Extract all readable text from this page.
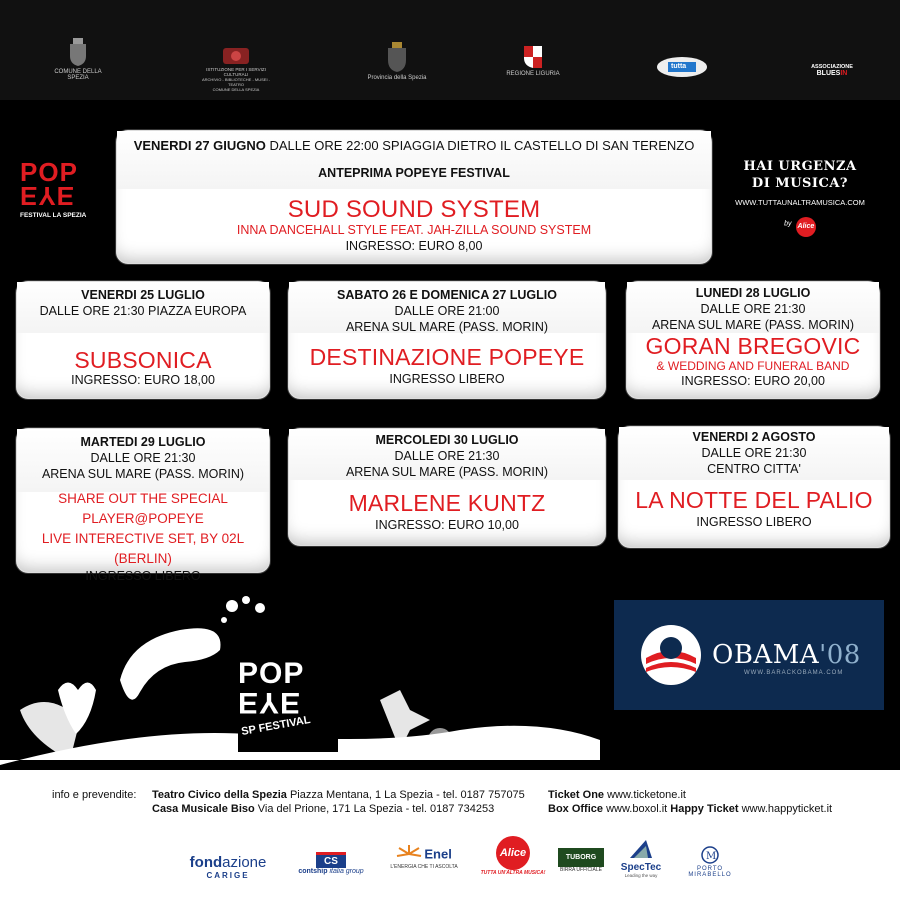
COMUNE DELLA SPEZIA
ISTITUZIONE PER I SERVIZI CULTURALI
ARCHIVIO - BIBLIOTECHE - MUSEI - TEATRO
COMUNE DELLA SPEZIA
Provincia della Spezia
REGIONE LIGURIA
tutta	ASSOCIAZIONE
BLUESIN
POP
EYE
FESTIVAL LA SPEZIA
VENERDI 27 GIUGNO DALLE ORE 22:00 SPIAGGIA DIETRO IL CASTELLO DI SAN TERENZO
ANTEPRIMA POPEYE FESTIVAL
SUD SOUND SYSTEM
INNA DANCEHALL STYLE FEAT. JAH-ZILLA SOUND SYSTEM
INGRESSO: EURO 8,00
HAI URGENZA
DI MUSICA?
WWW.TUTTAUNALTRAMUSICA.COM
by Alice
VENERDI 25 LUGLIO
DALLE ORE 21:30 PIAZZA EUROPA
SUBSONICA
INGRESSO: EURO 18,00
SABATO 26 E DOMENICA 27 LUGLIO
DALLE ORE 21:00
ARENA SUL MARE (PASS. MORIN)
DESTINAZIONE POPEYE
INGRESSO LIBERO
LUNEDI 28 LUGLIO
DALLE ORE 21:30
ARENA SUL MARE (PASS. MORIN)
GORAN BREGOVIC
& WEDDING AND FUNERAL BAND
INGRESSO: EURO 20,00
MARTEDI 29 LUGLIO
DALLE ORE 21:30
ARENA SUL MARE (PASS. MORIN)
SHARE OUT THE SPECIAL
PLAYER@POPEYE
LIVE INTERECTIVE SET, BY 02L (BERLIN)
INGRESSO LIBERO
MERCOLEDI 30 LUGLIO
DALLE ORE 21:30
ARENA SUL MARE (PASS. MORIN)
MARLENE KUNTZ
INGRESSO: EURO 10,00
VENERDI 2 AGOSTO
DALLE ORE 21:30
CENTRO CITTA'
LA NOTTE DEL PALIO
INGRESSO LIBERO
OBAMA'08
WWW.BARACKOBAMA.COM
POP
EYE
SP FESTIVAL
info e prevendite: Teatro Civico della Spezia Piazza Mentana, 1 La Spezia - tel. 0187 757075
Casa Musicale Biso Via del Prione, 171 La Spezia - tel. 0187 734253
Ticket One www.ticketone.it
Box Office www.boxol.it Happy Ticket www.happyticket.it
fondazione
CARIGE
CS
contship italia group
Enel
L'ENERGIA CHE TI ASCOLTA
Alice
TUTTA UN'ALTRA MUSICA!
TUBORG
BIRRA UFFICIALE	SpecTec
Leading the way
M
PORTO
MIRABELLO
